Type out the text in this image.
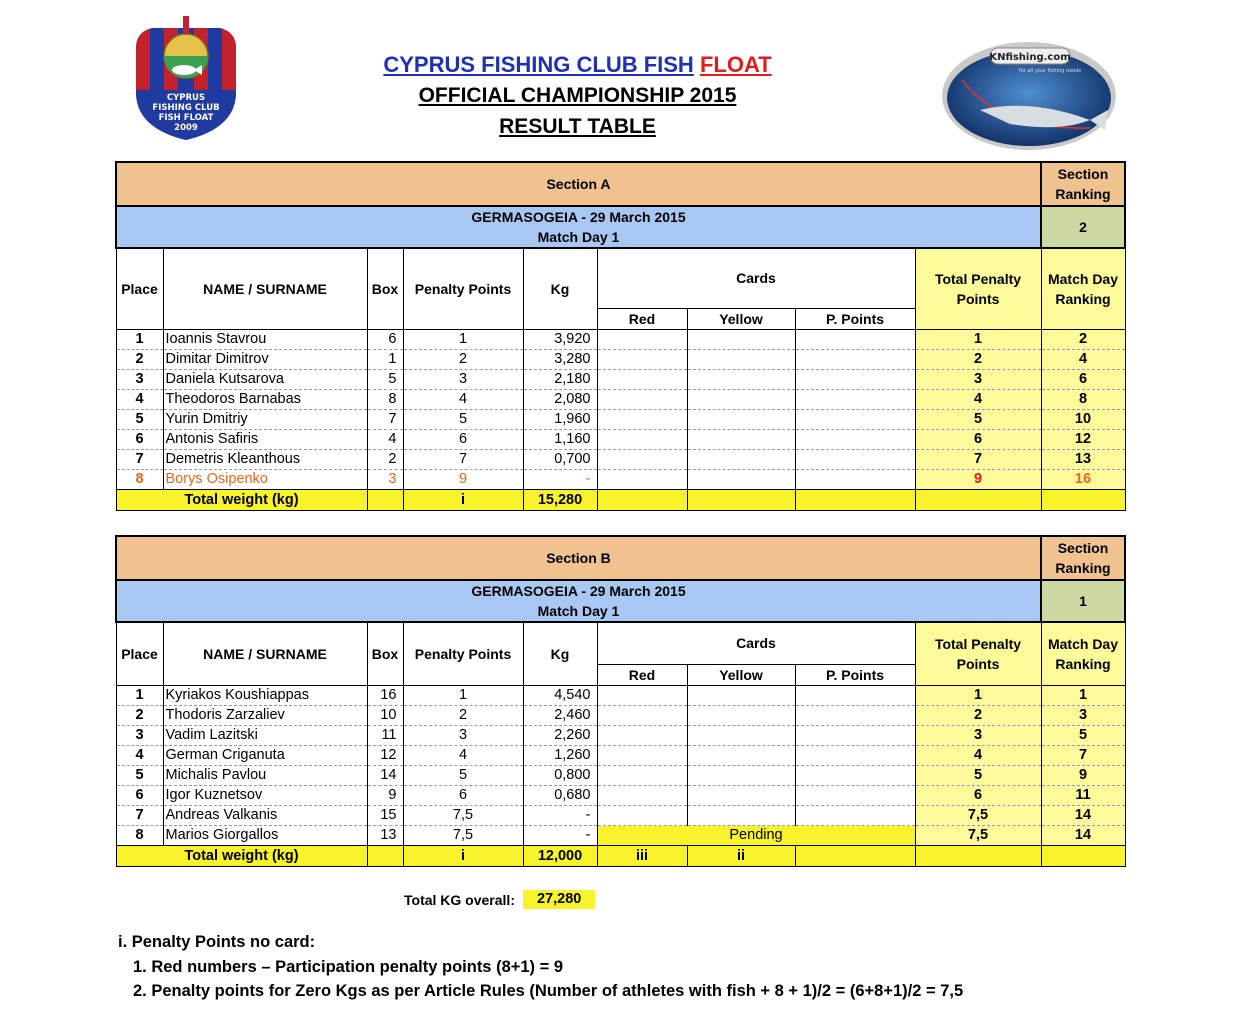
CYPRUS
FISHING CLUB
FISH FLOAT
2009
KNfishing.com
for all your fishing needs
CYPRUS FISHING CLUB FISH FLOAT
OFFICIAL CHAMPIONSHIP 2015
RESULT TABLE
Section A									Section
Ranking
GERMASOGEIA - 29 March 2015
Match Day 1									2
Place	NAME / SURNAME	Box	Penalty Points	Kg	Cards			Total Penalty
Points	Match Day
Ranking
					Red	Yellow	P. Points		
1	Ioannis Stavrou	6	1	3,920				1	2
2	Dimitar Dimitrov	1	2	3,280				2	4
3	Daniela Kutsarova	5	3	2,180				3	6
4	Theodoros Barnabas	8	4	2,080				4	8
5	Yurin Dmitriy	7	5	1,960				5	10
6	Antonis Safiris	4	6	1,160				6	12
7	Demetris Kleanthous	2	7	0,700				7	13
8	Borys Osipenko	3	9	-				9	16
Total weight (kg)			i	15,280					
Section B									Section
Ranking
GERMASOGEIA - 29 March 2015
Match Day 1									1
Place	NAME / SURNAME	Box	Penalty Points	Kg	Cards			Total Penalty
Points	Match Day
Ranking
					Red	Yellow	P. Points		
1	Kyriakos Koushiappas	16	1	4,540				1	1
2	Thodoris Zarzaliev	10	2	2,460				2	3
3	Vadim Lazitski	11	3	2,260				3	5
4	German Criganuta	12	4	1,260				4	7
5	Michalis Pavlou	14	5	0,800				5	9
6	Igor Kuznetsov	9	6	0,680				6	11
7	Andreas Valkanis	15	7,5	-				7,5	14
8	Marios Giorgallos	13	7,5	-	Pending			7,5	14
Total weight (kg)			i	12,000	iii	ii			
Total KG overall:	27,280
i. Penalty Points no card:
1. Red numbers – Participation penalty points (8+1) = 9
2. Penalty points for Zero Kgs as per Article Rules (Number of athletes with fish + 8 + 1)/2 = (6+8+1)/2 = 7,5
